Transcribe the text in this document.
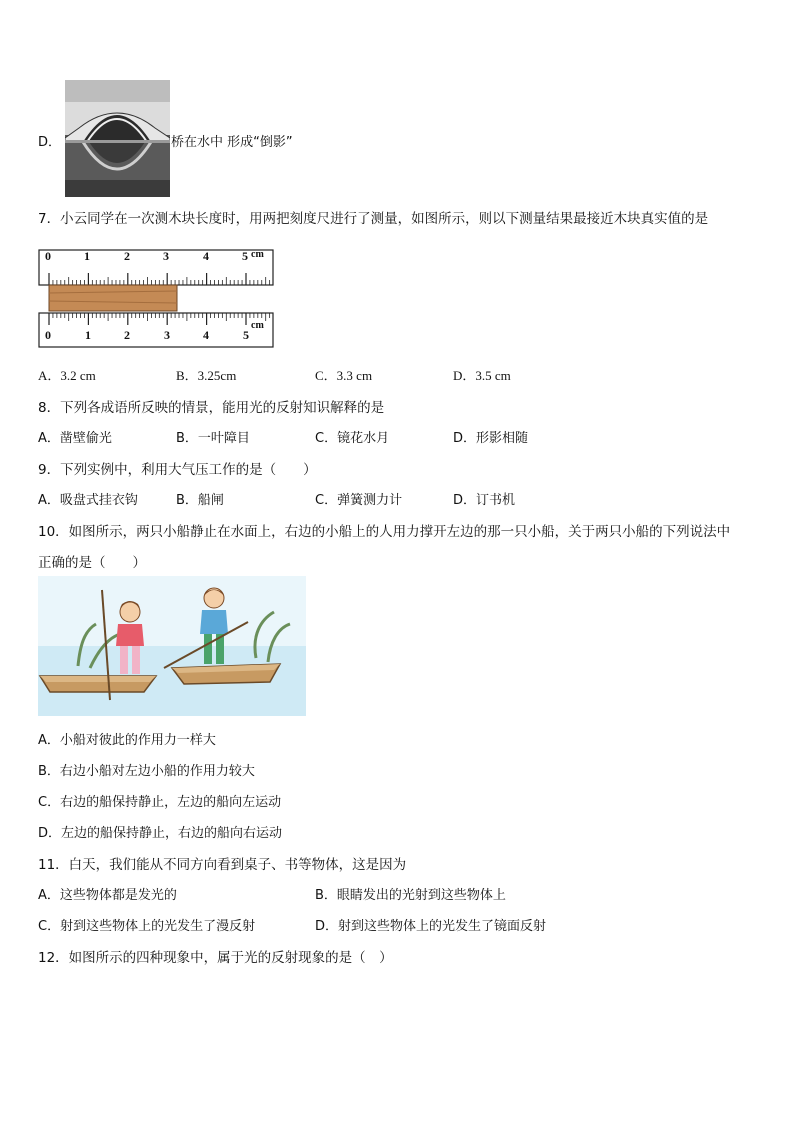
D．	桥在水中 形成“倒影”
7．小云同学在一次测木块长度时，用两把刻度尺进行了测量，如图所示，则以下测量结果最接近木块真实值的是
0	1	2	3	4	5 cm
0	1	2	3	4	5
cm
A．3.2 cm	B．3.25cm	C．3.3 cm	D．3.5 cm
8．下列各成语所反映的情景，能用光的反射知识解释的是
A．凿壁偷光	B．一叶障目	C．镜花水月	D．形影相随
9．下列实例中，利用大气压工作的是（　　）
A．吸盘式挂衣钩	B．船闸	C．弹簧测力计	D．订书机
10．如图所示，两只小船静止在水面上，右边的小船上的人用力撑开左边的那一只小船，关于两只小船的下列说法中
正确的是（　　）
A．小船对彼此的作用力一样大
B．右边小船对左边小船的作用力较大
C．右边的船保持静止，左边的船向左运动
D．左边的船保持静止，右边的船向右运动
11．白天，我们能从不同方向看到桌子、书等物体，这是因为
A．这些物体都是发光的	B．眼睛发出的光射到这些物体上
C．射到这些物体上的光发生了漫反射	D．射到这些物体上的光发生了镜面反射
12．如图所示的四种现象中，属于光的反射现象的是（　）
